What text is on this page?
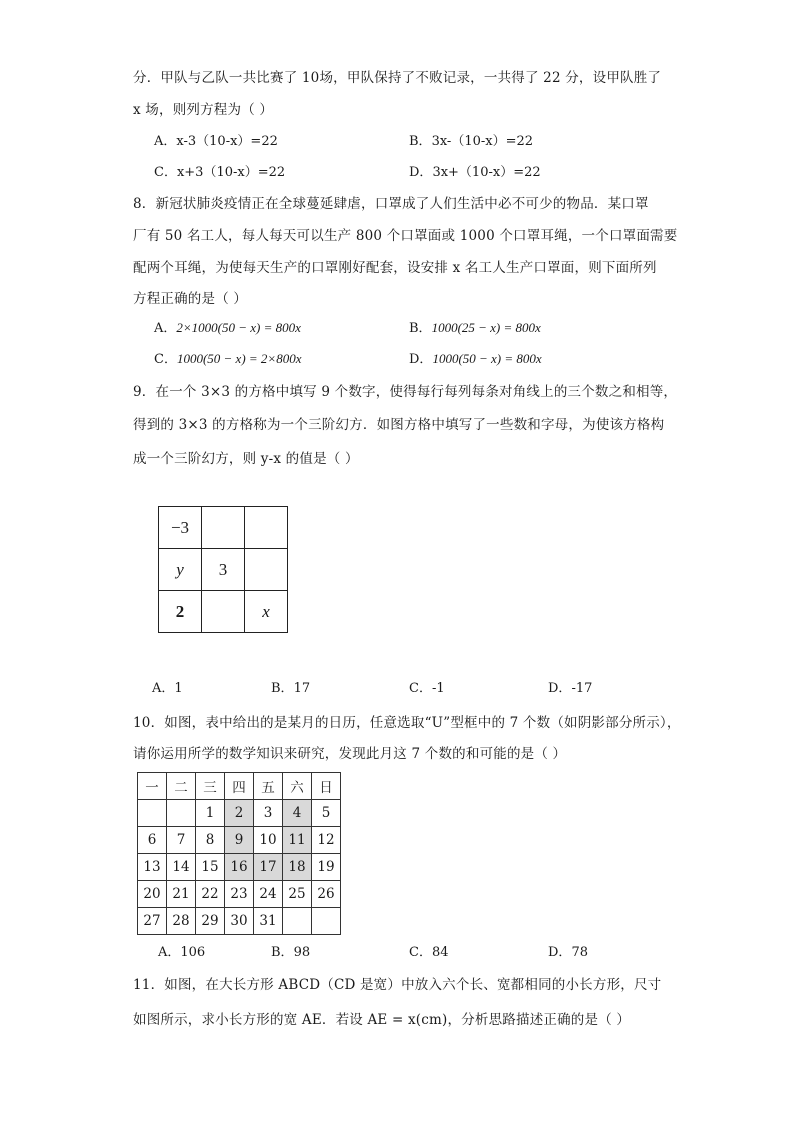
分．甲队与乙队一共比赛了 10场，甲队保持了不败记录，一共得了 22 分，设甲队胜了
x 场，则列方程为（ ）
A．x-3（10-x）=22	B．3x-（10-x）=22
C．x+3（10-x）=22	D．3x+（10-x）=22
8．新冠状肺炎疫情正在全球蔓延肆虐，口罩成了人们生活中必不可少的物品．某口罩
厂有 50 名工人，每人每天可以生产 800 个口罩面或 1000 个口罩耳绳，一个口罩面需要
配两个耳绳，为使每天生产的口罩刚好配套，设安排 x 名工人生产口罩面，则下面所列
方程正确的是（ ）
A．2×1000(50 − x) = 800x	B．1000(25 − x) = 800x
C．1000(50 − x) = 2×800x	D．1000(50 − x) = 800x
9．在一个 3×3 的方格中填写 9 个数字，使得每行每列每条对角线上的三个数之和相等，
得到的 3×3 的方格称为一个三阶幻方．如图方格中填写了一些数和字母，为使该方格构
成一个三阶幻方，则 y-x 的值是（ ）
−3		
y	3	
2		x
A．1	B．17	C．-1	D．-17
10．如图，表中给出的是某月的日历，任意选取“U”型框中的 7 个数（如阴影部分所示），
请你运用所学的数学知识来研究，发现此月这 7 个数的和可能的是（ ）
一	二	三	四	五	六	日
		1	2	3	4	5
6	7	8	9	10	11	12
13	14	15	16	17	18	19
20	21	22	23	24	25	26
27	28	29	30	31		
A．106	B．98	C．84	D．78
11．如图，在大长方形 ABCD（CD 是宽）中放入六个长、宽都相同的小长方形，尺寸
如图所示，求小长方形的宽 AE．若设 AE = x(cm)，分析思路描述正确的是（ ）
